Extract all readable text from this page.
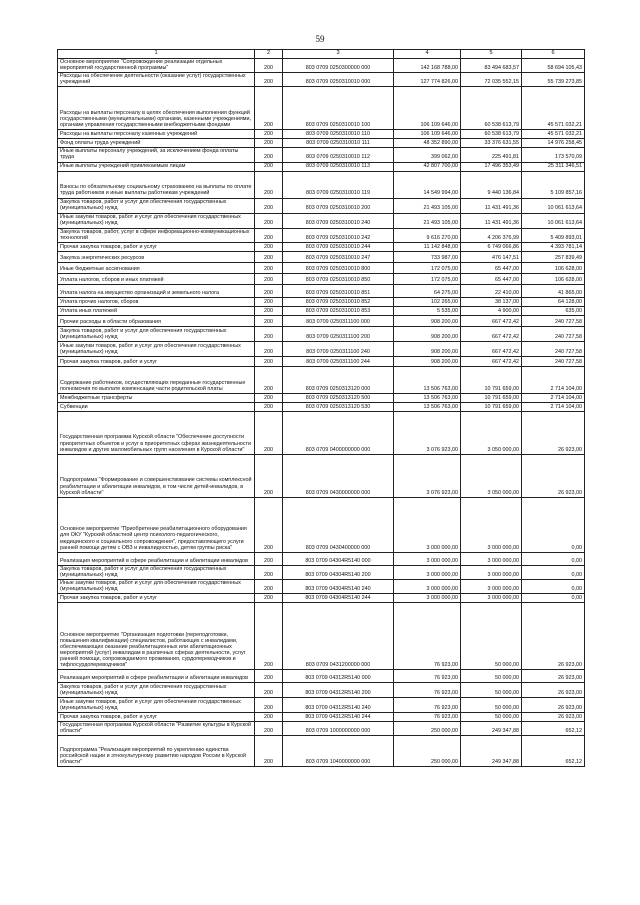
59
1	2	3	4	5	6
Основное мероприятие "Сопровождение реализации отдельных мероприятий государственной программы"	200	803 0709 0250300000 000	142 168 788,00	83 494 683,57	58 694 105,43
Расходы на обеспечение деятельности (оказание услуг) государственных учреждений	200	803 0709 0250310010 000	127 774 826,00	72 035 552,15	55 739 273,85
Расходы на выплаты персоналу в целях обеспечения выполнения функций государственными (муниципальными) органами, казенными учреждениями, органами управления государственными внебюджетными фондами	200	803 0709 0250310010 100	106 109 646,00	60 538 613,79	45 571 032,21
Расходы на выплаты персоналу казенных учреждений	200	803 0709 0250310010 110	106 109 646,00	60 538 613,79	45 571 032,21
Фонд оплаты труда учреждений	200	803 0709 0250310010 111	48 352 890,00	33 376 631,55	14 976 258,45
Иные выплаты персоналу учреждений, за исключением фонда оплаты труда	200	803 0709 0250310010 112	399 062,00	225 491,81	173 570,09
Иные выплаты учреждений привлекаемым лицам	200	803 0709 0250310010 113	42 807 700,00	17 496 353,49	25 311 346,51
Взносы по обязательному социальному страхованию на выплаты по оплате труда работников и иные выплаты работникам учреждений	200	803 0709 0250310010 119	14 549 994,00	9 440 136,84	5 109 857,16
Закупка товаров, работ и услуг для обеспечения государственных (муниципальных) нужд	200	803 0709 0250310010 200	21 493 105,00	11 431 491,36	10 061 613,64
Иные закупки товаров, работ и услуг для обеспечения государственных (муниципальных) нужд	200	803 0709 0250310010 240	21 493 105,00	11 431 491,36	10 061 613,64
Закупка товаров, работ, услуг в сфере информационно-коммуникационных технологий	200	803 0709 0250310010 242	9 616 270,00	4 206 376,99	5 409 893,01
Прочая закупка товаров, работ и услуг	200	803 0709 0250310010 244	11 142 848,00	6 749 066,86	4 393 781,14
Закупка энергетических ресурсов	200	803 0709 0250310010 247	733 987,00	476 147,51	257 839,49
Иные бюджетные ассигнования	200	803 0709 0250310010 800	172 075,00	65 447,00	106 628,00
Уплата налогов, сборов и иных платежей	200	803 0709 0250310010 850	172 075,00	65 447,00	106 628,00
Уплата налога на имущество организаций и земельного налога	200	803 0709 0250310010 851	64 275,00	22 410,00	41 865,00
Уплата прочих налогов, сборов	200	803 0709 0250310010 852	102 265,00	38 137,00	64 128,00
Уплата иных платежей	200	803 0709 0250310010 853	5 535,00	4 900,00	635,00
Прочие расходы в области образования	200	803 0709 0250311100 000	908 200,00	667 472,42	240 727,58
Закупка товаров, работ и услуг для обеспечения государственных (муниципальных) нужд	200	803 0709 0250311100 200	908 200,00	667 472,42	240 727,58
Иные закупки товаров, работ и услуг для обеспечения государственных (муниципальных) нужд	200	803 0709 0250311100 240	908 200,00	667 472,42	240 727,58
Прочая закупка товаров, работ и услуг	200	803 0709 0250311100 244	908 200,00	667 472,42	240 727,58
Содержание работников, осуществляющих переданные государственные полномочия по выплате компенсации части родительской платы	200	803 0709 0250313120 000	13 506 763,00	10 791 659,00	2 714 104,00
Межбюджетные трансферты	200	803 0709 0250313120 500	13 506 763,00	10 791 659,00	2 714 104,00
Субвенции	200	803 0709 0250313120 530	13 506 763,00	10 791 659,00	2 714 104,00
Государственная программа Курской области "Обеспечение доступности приоритетных объектов и услуг в приоритетных сферах жизнедеятельности инвалидов и других маломобильных групп населения в Курской области"	200	803 0709 0400000000 000	3 076 923,00	3 050 000,00	26 923,00
Подпрограмма "Формирование и совершенствование системы комплексной реабилитации и абилитации инвалидов, в том числе детей-инвалидов, в Курской области"	200	803 0709 0430000000 000	3 076 923,00	3 050 000,00	26 923,00
Основное мероприятие "Приобретение реабилитационного оборудования для ОКУ "Курский областной центр психолого-педагогического, медицинского и социального сопровождения", предоставляющего услуги ранней помощи детям с ОВЗ и инвалидностью, детям группы риска"	200	803 0709 0430400000 000	3 000 000,00	3 000 000,00	0,00
Реализация мероприятий в сфере реабилитации и абилитации инвалидов	200	803 0709 04304R5140 000	3 000 000,00	3 000 000,00	0,00
Закупка товаров, работ и услуг для обеспечения государственных (муниципальных) нужд	200	803 0709 04304R5140 200	3 000 000,00	3 000 000,00	0,00
Иные закупки товаров, работ и услуг для обеспечения государственных (муниципальных) нужд	200	803 0709 04304R5140 240	3 000 000,00	3 000 000,00	0,00
Прочая закупка товаров, работ и услуг	200	803 0709 04304R5140 244	3 000 000,00	3 000 000,00	0,00
Основное мероприятие "Организация подготовки (переподготовки, повышения квалификации) специалистов, работающих с инвалидами, обеспечивающих оказание реабилитационных или абилитационных мероприятий (услуг) инвалидам в различных сферах деятельности, услуг ранней помощи, сопровождаемого проживания, сурдопереводчиков и тифлосурдопереводчиков"	200	803 0709 0431200000 000	76 923,00	50 000,00	26 923,00
Реализация мероприятий в сфере реабилитации и абилитации инвалидов	200	803 0709 04312R5140 000	76 923,00	50 000,00	26 923,00
Закупка товаров, работ и услуг для обеспечения государственных (муниципальных) нужд	200	803 0709 04312R5140 200	76 923,00	50 000,00	26 923,00
Иные закупки товаров, работ и услуг для обеспечения государственных (муниципальных) нужд	200	803 0709 04312R5140 240	76 923,00	50 000,00	26 923,00
Прочая закупка товаров, работ и услуг	200	803 0709 04312R5140 244	76 923,00	50 000,00	26 923,00
Государственная программа Курской области "Развитие культуры в Курской области"	200	803 0709 1000000000 000	250 000,00	249 347,88	652,12
Подпрограмма "Реализация мероприятий по укреплению единства российской нации и этнокультурному развитию народов России в Курской области"	200	803 0709 1040000000 000	250 000,00	249 347,88	652,12
